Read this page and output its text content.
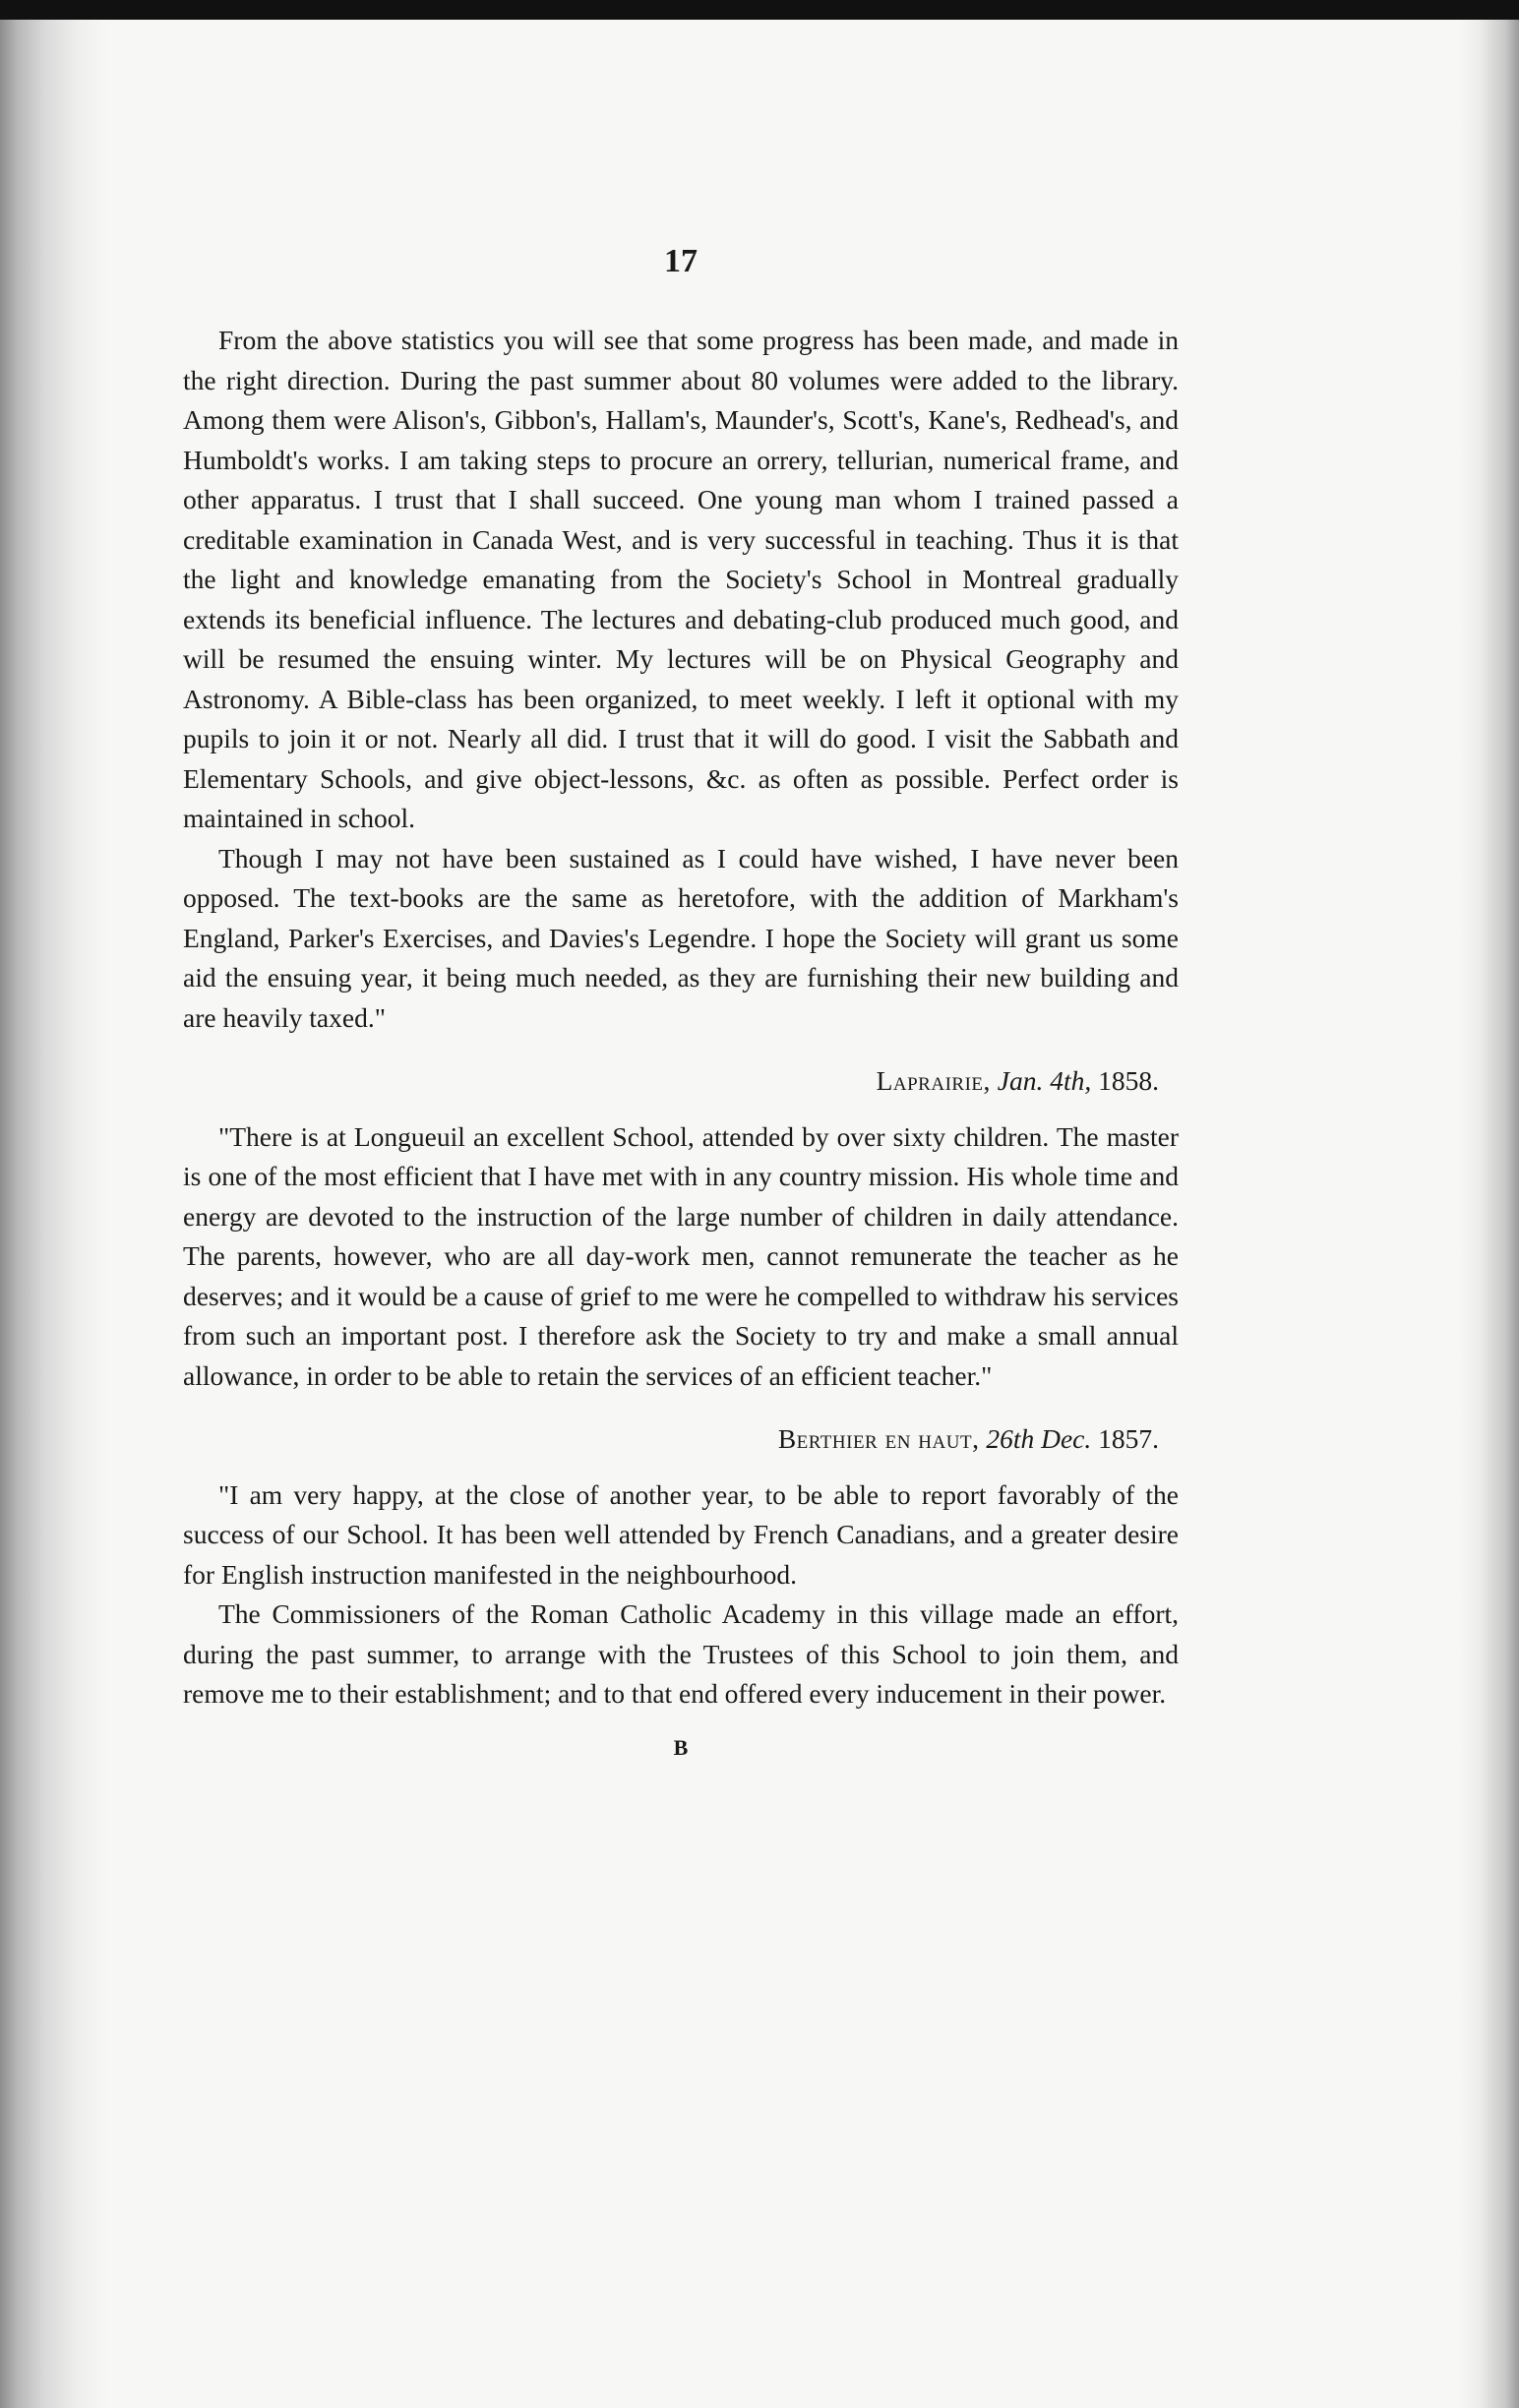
17

From the above statistics you will see that some progress has been made, and made in the right direction. During the past summer about 80 volumes were added to the library. Among them were Alison's, Gibbon's, Hallam's, Maunder's, Scott's, Kane's, Redhead's, and Humboldt's works. I am taking steps to procure an orrery, tellurian, numerical frame, and other apparatus. I trust that I shall succeed. One young man whom I trained passed a creditable examination in Canada West, and is very successful in teaching. Thus it is that the light and knowledge emanating from the Society's School in Montreal gradually extends its beneficial influence. The lectures and debating-club produced much good, and will be resumed the ensuing winter. My lectures will be on Physical Geography and Astronomy. A Bible-class has been organized, to meet weekly. I left it optional with my pupils to join it or not. Nearly all did. I trust that it will do good. I visit the Sabbath and Elementary Schools, and give object-lessons, &c. as often as possible. Perfect order is maintained in school.

Though I may not have been sustained as I could have wished, I have never been opposed. The text-books are the same as heretofore, with the addition of Markham's England, Parker's Exercises, and Davies's Legendre. I hope the Society will grant us some aid the ensuing year, it being much needed, as they are furnishing their new building and are heavily taxed."

Laprairie, Jan. 4th, 1858.

"There is at Longueuil an excellent School, attended by over sixty children. The master is one of the most efficient that I have met with in any country mission. His whole time and energy are devoted to the instruction of the large number of children in daily attendance. The parents, however, who are all day-work men, cannot remunerate the teacher as he deserves; and it would be a cause of grief to me were he compelled to withdraw his services from such an important post. I therefore ask the Society to try and make a small annual allowance, in order to be able to retain the services of an efficient teacher."

Berthier en haut, 26th Dec. 1857.

"I am very happy, at the close of another year, to be able to report favorably of the success of our School. It has been well attended by French Canadians, and a greater desire for English instruction manifested in the neighbourhood.

The Commissioners of the Roman Catholic Academy in this village made an effort, during the past summer, to arrange with the Trustees of this School to join them, and remove me to their establishment; and to that end offered every inducement in their power.

B
